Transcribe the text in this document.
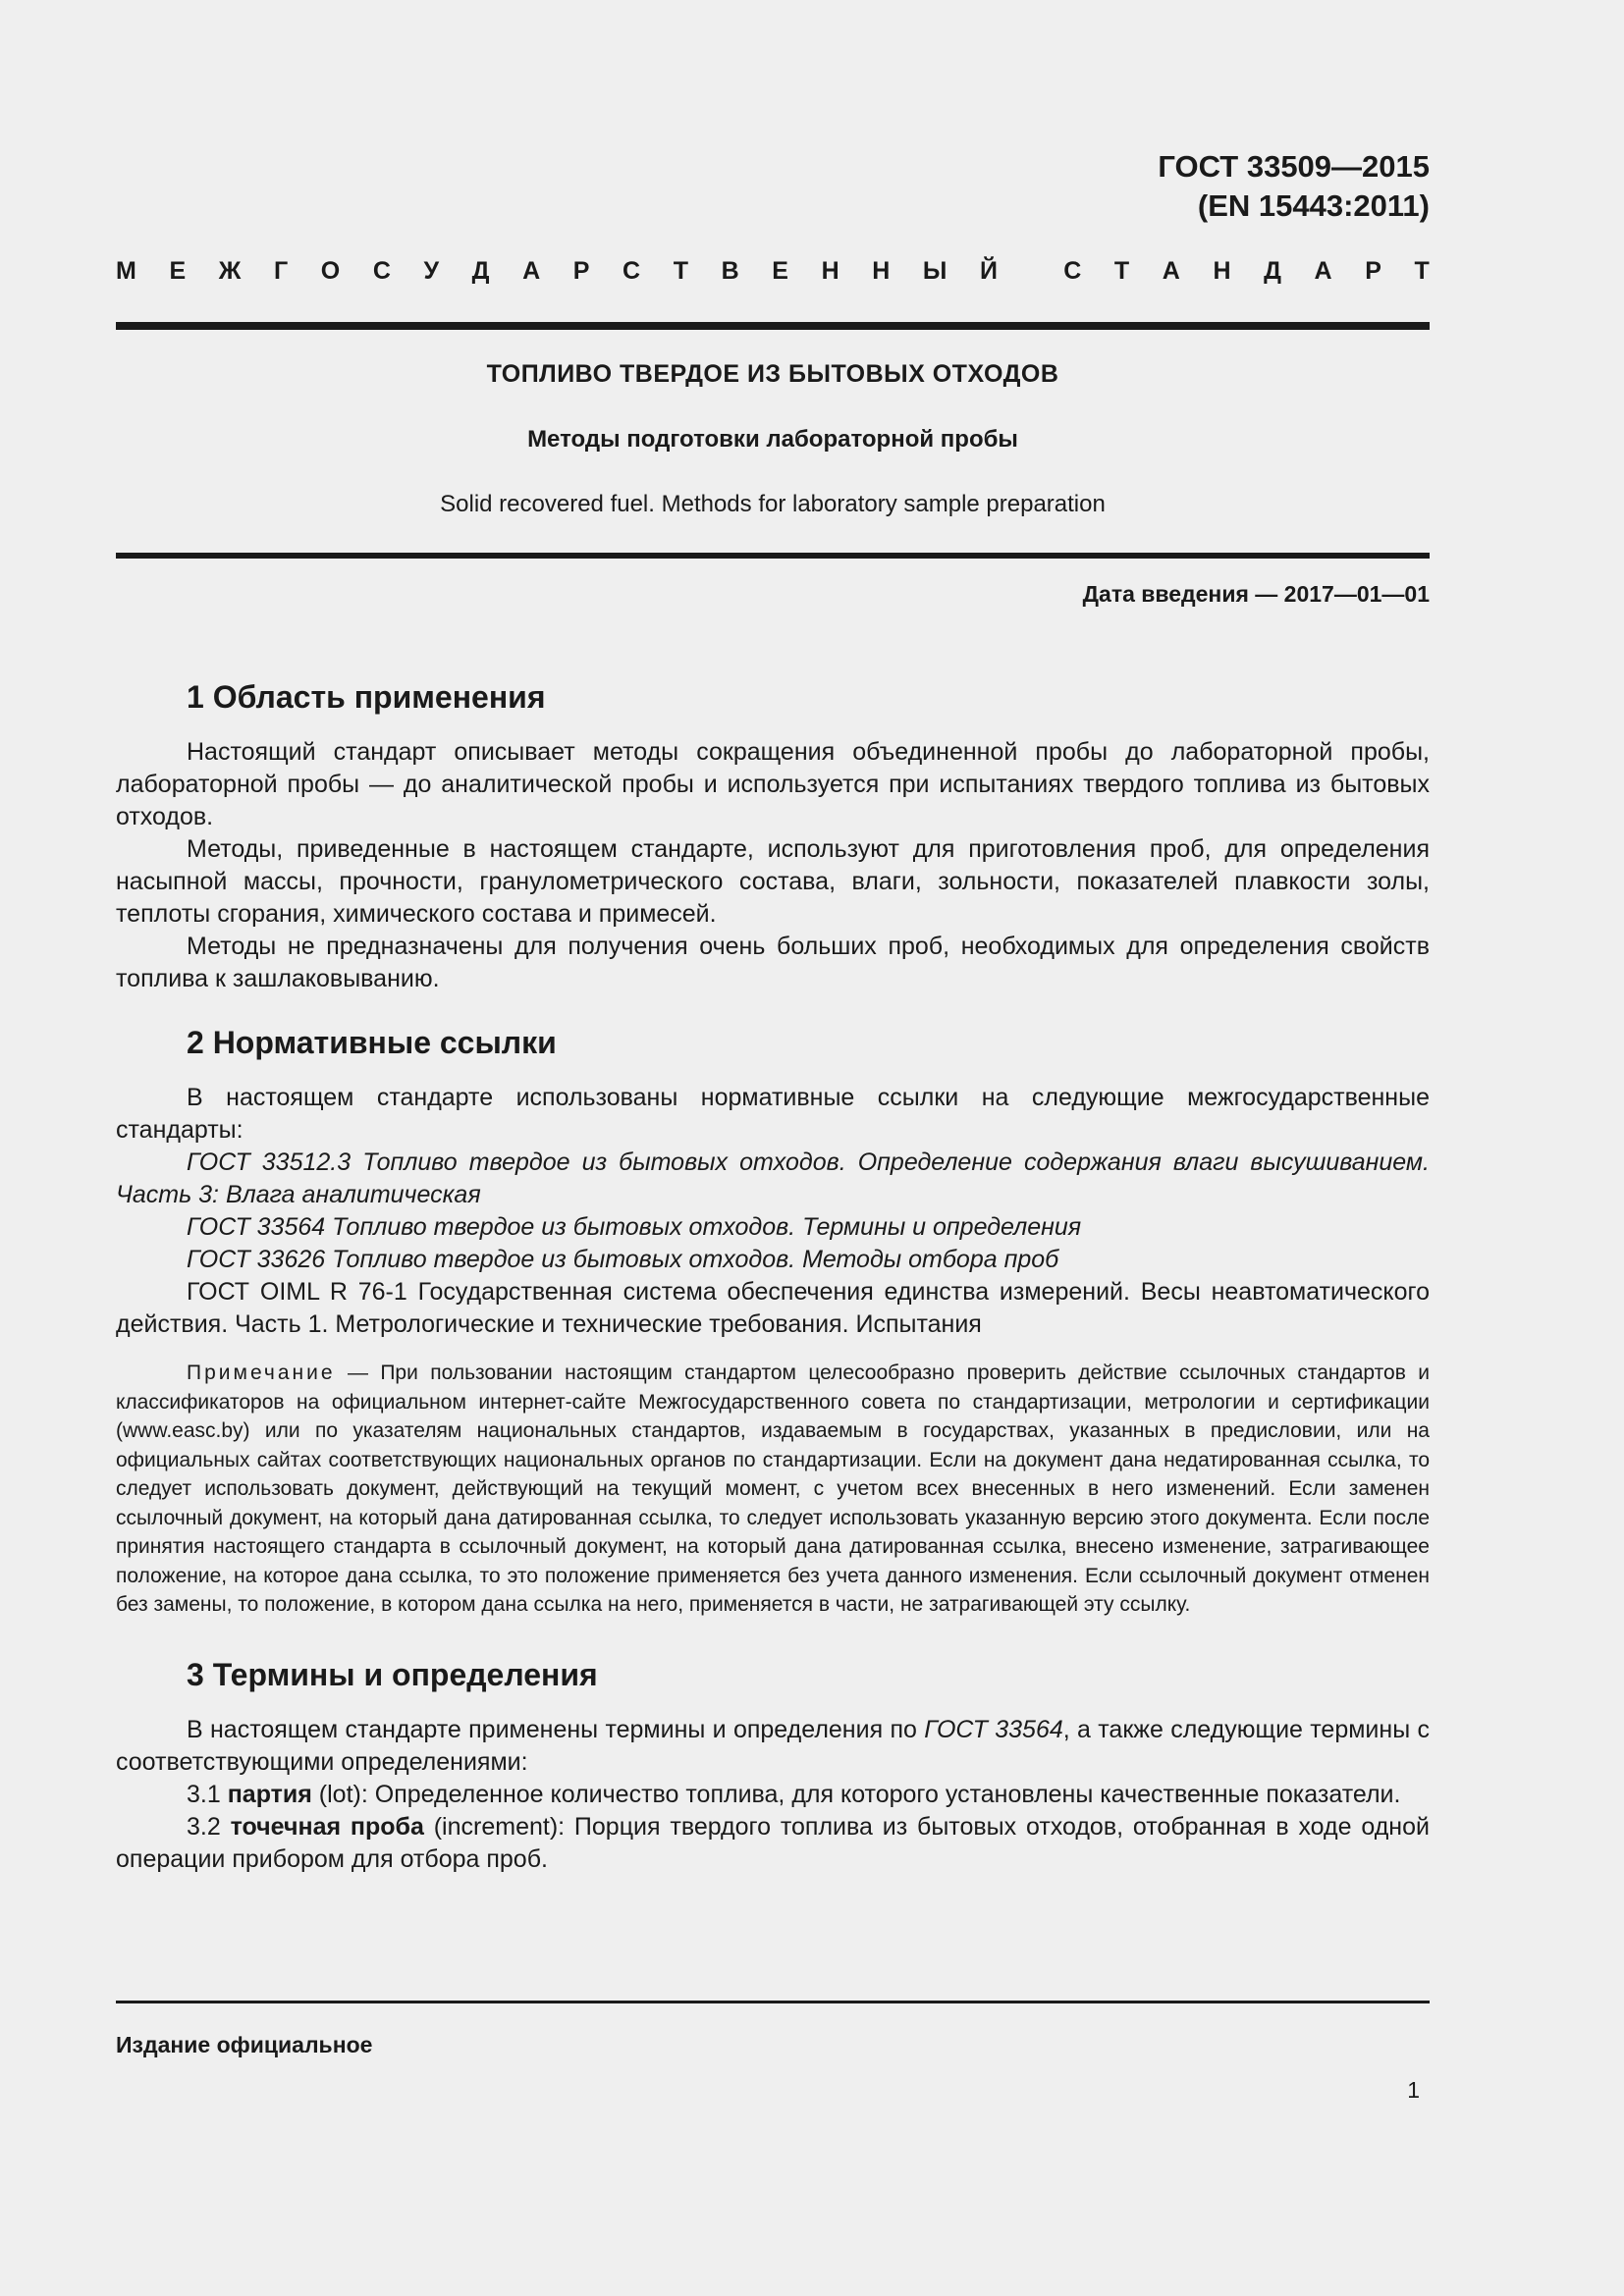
ГОСТ 33509—2015
(EN 15443:2011)
М Е Ж Г О С У Д А Р С Т В Е Н Н Ы Й	С Т А Н Д А Р Т
ТОПЛИВО ТВЕРДОЕ ИЗ БЫТОВЫХ ОТХОДОВ
Методы подготовки лабораторной пробы
Solid recovered fuel. Methods for laboratory sample preparation
Дата введения — 2017—01—01
1 Область применения

Настоящий стандарт описывает методы сокращения объединенной пробы до лабораторной пробы, лабораторной пробы — до аналитической пробы и используется при испытаниях твердого топлива из бытовых отходов.

Методы, приведенные в настоящем стандарте, используют для приготовления проб, для определения насыпной массы, прочности, гранулометрического состава, влаги, зольности, показателей плавкости золы, теплоты сгорания, химического состава и примесей.

Методы не предназначены для получения очень больших проб, необходимых для определения свойств топлива к зашлаковыванию.

2 Нормативные ссылки

В настоящем стандарте использованы нормативные ссылки на следующие межгосударственные стандарты:

ГОСТ 33512.3 Топливо твердое из бытовых отходов. Определение содержания влаги высушиванием. Часть 3: Влага аналитическая

ГОСТ 33564 Топливо твердое из бытовых отходов. Термины и определения

ГОСТ 33626 Топливо твердое из бытовых отходов. Методы отбора проб

ГОСТ OIML R 76-1 Государственная система обеспечения единства измерений. Весы неавтоматического действия. Часть 1. Метрологические и технические требования. Испытания

Примечание — При пользовании настоящим стандартом целесообразно проверить действие ссылочных стандартов и классификаторов на официальном интернет-сайте Межгосударственного совета по стандартизации, метрологии и сертификации (www.easc.by) или по указателям национальных стандартов, издаваемым в государствах, указанных в предисловии, или на официальных сайтах соответствующих национальных органов по стандартизации. Если на документ дана недатированная ссылка, то следует использовать документ, действующий на текущий момент, с учетом всех внесенных в него изменений. Если заменен ссылочный документ, на который дана датированная ссылка, то следует использовать указанную версию этого документа. Если после принятия настоящего стандарта в ссылочный документ, на который дана датированная ссылка, внесено изменение, затрагивающее положение, на которое дана ссылка, то это положение применяется без учета данного изменения. Если ссылочный документ отменен без замены, то положение, в котором дана ссылка на него, применяется в части, не затрагивающей эту ссылку.

3 Термины и определения

В настоящем стандарте применены термины и определения по ГОСТ 33564, а также следующие термины с соответствующими определениями:

3.1 партия (lot): Определенное количество топлива, для которого установлены качественные показатели.

3.2 точечная проба (increment): Порция твердого топлива из бытовых отходов, отобранная в ходе одной операции прибором для отбора проб.

Издание официальное
1
